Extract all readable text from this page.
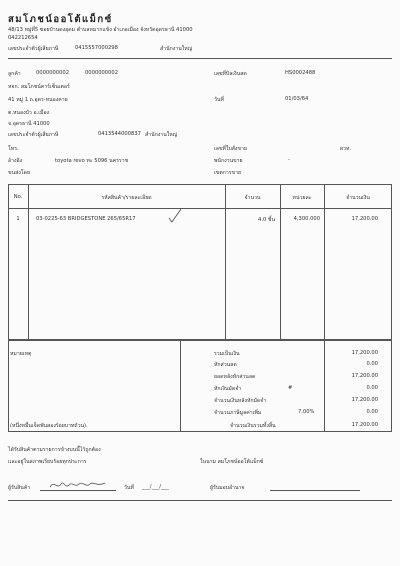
สมโภชน์ออโต้แม็กซ์
48/13 หมู่ที่5 ซอยบ้านดงอุดม ตำบลหมากแข้ง อำเภอเมือง จังหวัดอุดรธานี 41000
042212654
เลขประจำตัวผู้เสียภาษี	0415557000298	สำนักงานใหญ่
ลูกค้า	0000000002	0000000002
หจก. สมโภชน์คาร์เซ็นเตอร์
41 หมู่ 1 ถ.อุดร-หนองคาย
ต.หนองบัว อ.เมือง
จ.อุดรธานี 41000
เลขประจำตัวผู้เสียภาษี	0413544000837 สำนักงานใหญ่
โทร.
อ้างอิง	toyota revo ทะ 5096 นครราช
ขนส่งโดย
เลขที่บิลเงินสด	HS0002488
วันที่	01/03/64
เลขที่ใบสั่งขาย	ผวท.
พนักงานขาย	-
เขตการขาย
No.	รหัสสินค้า/รายละเอียด	จำนวน	หน่วยละ	จำนวนเงิน
1	03-0225-63 BRIDGESTONE 265/65R17	4.0 ชิ้น	4,300.000	17,200.00
หมายเหตุ
(หนึ่งหมื่นเจ็ดพันสองร้อยบาทถ้วน).
รวมเป็นเงิน	17,200.00
หักส่วนลด	0.00
ยอดหลังหักส่วนลด	17,200.00
หักเงินมัดจำ	#	0.00
จำนวนเงินหลังหักมัดจำ	17,200.00
จำนวนภาษีมูลค่าเพิ่ม	7.00%	0.00
จำนวนเงินรวมทั้งสิ้น	17,200.00
ได้รับสินค้าตามรายการข้างบนนี้ไว้ถูกต้อง
และอยู่ในสภาพเรียบร้อยทุกประการ	ในนาม สมโภชน์ออโต้แม็กซ์
ผู้รับสินค้า	วันที่ ___/___/___	ผู้รับมอบอำนาจ
